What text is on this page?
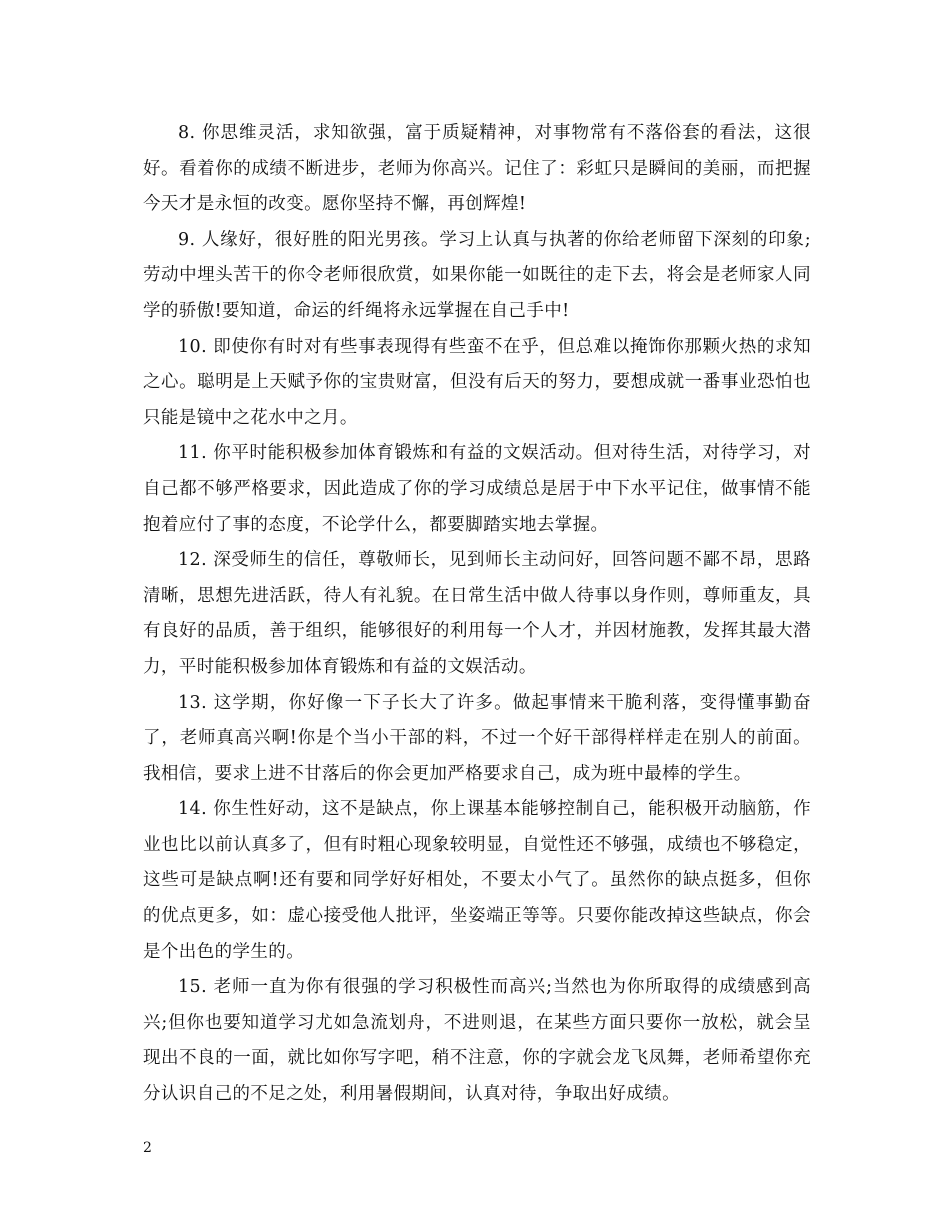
8. 你思维灵活，求知欲强，富于质疑精神，对事物常有不落俗套的看法，这很好。看着你的成绩不断进步，老师为你高兴。记住了：彩虹只是瞬间的美丽，而把握今天才是永恒的改变。愿你坚持不懈，再创辉煌!

9. 人缘好，很好胜的阳光男孩。学习上认真与执著的你给老师留下深刻的印象;劳动中埋头苦干的你令老师很欣赏，如果你能一如既往的走下去，将会是老师家人同学的骄傲!要知道，命运的纤绳将永远掌握在自己手中!

10. 即使你有时对有些事表现得有些蛮不在乎，但总难以掩饰你那颗火热的求知之心。聪明是上天赋予你的宝贵财富，但没有后天的努力，要想成就一番事业恐怕也只能是镜中之花水中之月。

11. 你平时能积极参加体育锻炼和有益的文娱活动。但对待生活，对待学习，对自己都不够严格要求，因此造成了你的学习成绩总是居于中下水平记住，做事情不能抱着应付了事的态度，不论学什么，都要脚踏实地去掌握。

12. 深受师生的信任，尊敬师长，见到师长主动问好，回答问题不鄙不昂，思路清晰，思想先进活跃，待人有礼貌。在日常生活中做人待事以身作则，尊师重友，具有良好的品质，善于组织，能够很好的利用每一个人才，并因材施教，发挥其最大潜力，平时能积极参加体育锻炼和有益的文娱活动。

13. 这学期，你好像一下子长大了许多。做起事情来干脆利落，变得懂事勤奋了，老师真高兴啊!你是个当小干部的料，不过一个好干部得样样走在别人的前面。我相信，要求上进不甘落后的你会更加严格要求自己，成为班中最棒的学生。

14. 你生性好动，这不是缺点，你上课基本能够控制自己，能积极开动脑筋，作业也比以前认真多了，但有时粗心现象较明显，自觉性还不够强，成绩也不够稳定，这些可是缺点啊!还有要和同学好好相处，不要太小气了。虽然你的缺点挺多，但你的优点更多，如：虚心接受他人批评，坐姿端正等等。只要你能改掉这些缺点，你会是个出色的学生的。

15. 老师一直为你有很强的学习积极性而高兴;当然也为你所取得的成绩感到高兴;但你也要知道学习尤如急流划舟，不进则退，在某些方面只要你一放松，就会呈现出不良的一面，就比如你写字吧，稍不注意，你的字就会龙飞凤舞，老师希望你充分认识自己的不足之处，利用暑假期间，认真对待，争取出好成绩。

2
